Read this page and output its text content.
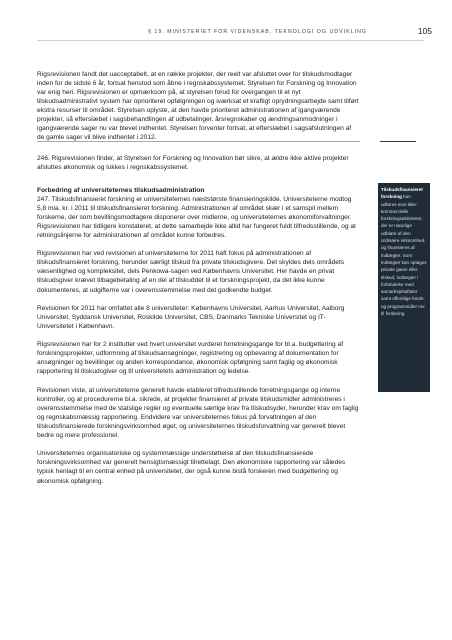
§ 19. MINISTERIET FOR VIDENSKAB, TEKNOLOGI OG UDVIKLING	105

Rigsrevisionen fandt det uacceptabelt, at en række projekter, der reelt var afsluttet over for tilskudsmodtager inden for de sidste 6 år, fortsat henstod som åbne i regnskabssystemet. Styrelsen for Forskning og Innovation var enig heri. Rigsrevisionen er opmærksom på, at styrelsen forud for overgangen til et nyt tilskudsadministrativt system har oprioriteret opfølgningen og iværksat et kraftigt oprydningsarbejde samt tilført ekstra resurser til området. Styrelsen oplyste, at den havde prioriteret administrationen af igangværende projekter, så efterslæbet i sagsbehandlingen af udbetalinger, årsregnskaber og ændringsanmodninger i igangværende sager nu var blevet indhentet. Styrelsen forventer fortsat, at efterslæbet i sagsafslutningen af de gamle sager vil blive indhentet i 2012.

246. Rigsrevisionen finder, at Styrelsen for Forskning og Innovation bør sikre, at ældre ikke aktive projekter afsluttes økonomisk og lukkes i regnskabssystemet.

Forbedring af universiteternes tilskudsadministration

247. Tilskudsfinansieret forskning er universiteternes næststørste finansieringskilde. Universiteterne modtog 5,8 mia. kr. i 2011 til tilskudsfinansieret forskning. Administrationen af området skær i et samspil mellem forskerne, der som bevillingsmodtagere disponerer over midlerne, og universiteternes økonomiforvaltninger. Rigsrevisionen har tidligere konstateret, at dette samarbejde ikke altid har fungeret fuldt tilfredsstillende, og at retningslinjerne for administrationen af området kunne forbedres.

Rigsrevisionen har ved revisionen af universiteterne for 2011 haft fokus på administrationen af tilskudsfinansieret forskning, herunder særligt tilskud fra private tilskudsgivere. Det skyldes dels områdets væsentlighed og kompleksitet, dels Penkowa-sagen ved Københavns Universitet. Her havde en privat tilskudsgiver krævet tilbagebetaling af en del af tilskuddet til et forskningsprojekt, da det ikke kunne dokumenteres, at udgifterne var i overensstemmelse med det godkendte budget.

Revisionen for 2011 har omfattet alle 8 universiteter: Københavns Universitet, Aarhus Universitet, Aalborg Universitet, Syddansk Universitet, Roskilde Universitet, CBS, Danmarks Tekniske Universitet og IT-Universitetet i København.

Rigsrevisionen har for 2 institutter ved hvert universitet vurderet forretningsgange for bl.a. budgettering af forskningsprojekter, udformning af tilskudsansøgninger, registrering og opbevaring af dokumentation for ansøgninger og bevillinger og anden korrespondance, økonomisk opfølgning samt faglig og økonomisk rapportering til tilskudsgiver og til universitetets administration og ledelse.

Revisionen viste, at universiteterne generelt havde etableret tilfredsstillende forretningsgange og interne kontroller, og at procedurerne bl.a. sikrede, at projekter finansieret af private tilskudsmidler administreres i overensstemmelse med de statslige regler og eventuelle særlige krav fra tilskudsyder, herunder krav om faglig og regnskabsmæssig rapportering. Endvidere var universiteternes fokus på forvaltningen af den tilskudsfinansierede forskningsvirksomhed øget, og universiteternes tilskudsforvaltning var generelt blevet bedre og mere professionel.

Universiteternes organisatoriske og systemmæssige understøttelse af den tilskudsfinansierede forskningsvirksomhed var generelt hensigtsmæssigt tilrettelagt. Den økonomiske rapportering var således typisk henlagt til en central enhed på universitetet, der også kunne bistå forskeren med budgettering og økonomisk opfølgning.

Tilskudsfinansieret forskning kan udføres som ikke-kommercielle forskningsaktiviteter, der er naturlige udbløre af den ordinære virksomhed, og finansieres af indtægter. Som indtægter kan optages private gaver eller tilskud, indtægter i forbindelse med samarbejdsaftaler samt offentlige fonds- og programmidler mv. til forskning.
